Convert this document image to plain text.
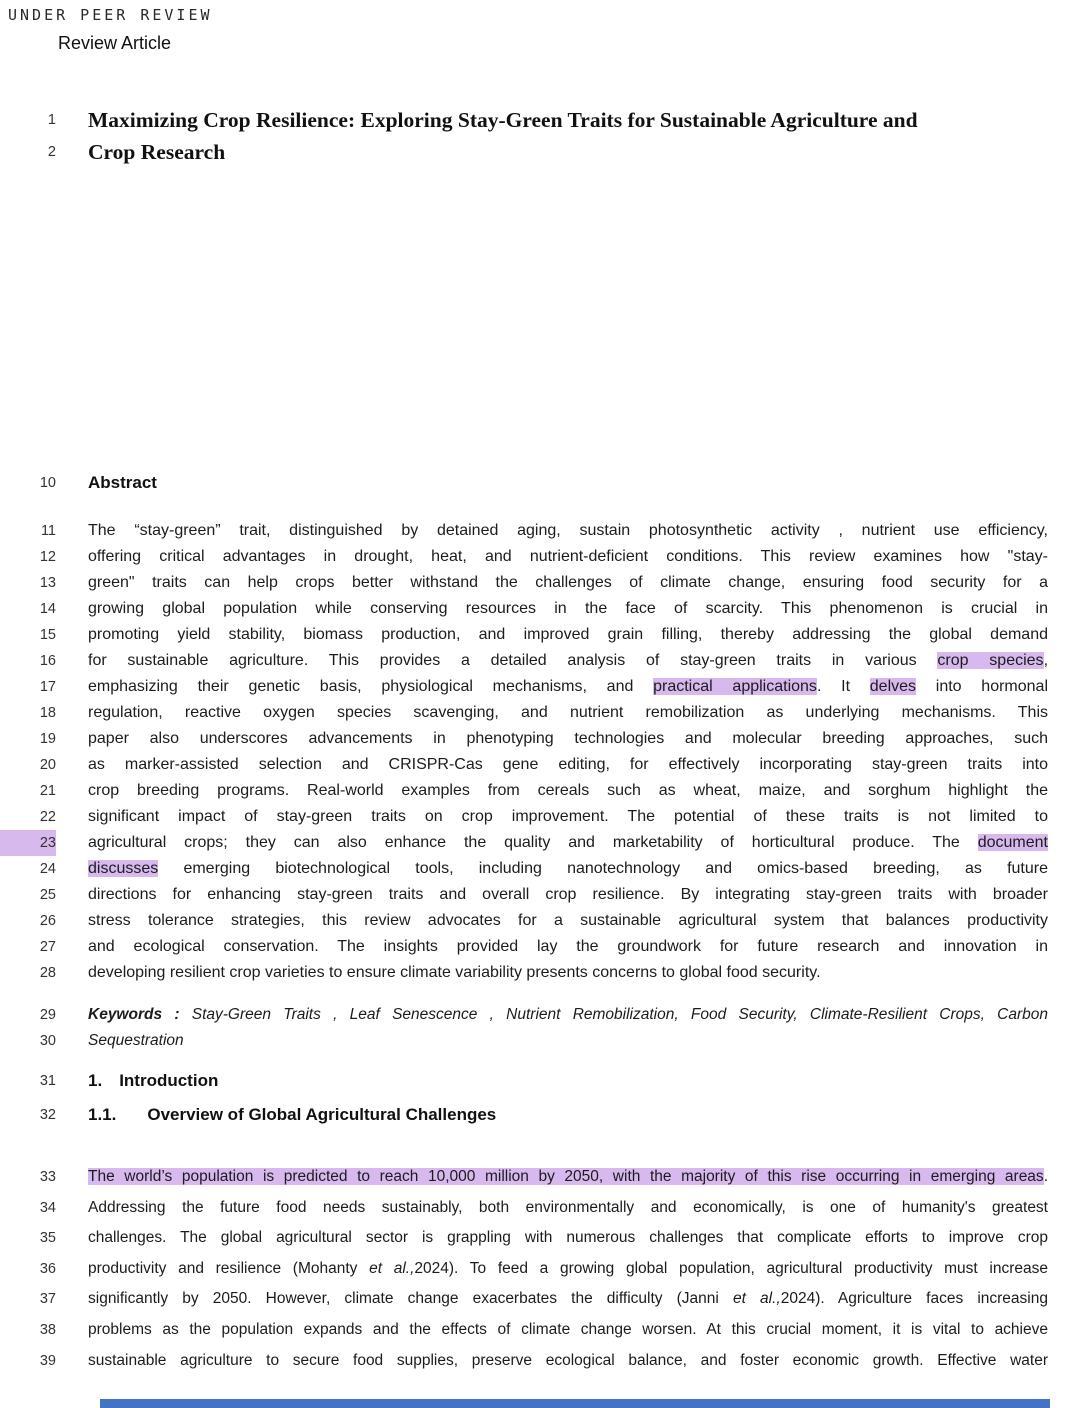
UNDER PEER REVIEW
Review Article
1 Maximizing Crop Resilience: Exploring Stay-Green Traits for Sustainable Agriculture and
2 Crop Research
10 Abstract
11 The “stay-green” trait, distinguished by detained aging, sustain photosynthetic activity , nutrient use efficiency,
12 offering critical advantages in drought, heat, and nutrient-deficient conditions. This review examines how "stay-
13 green" traits can help crops better withstand the challenges of climate change, ensuring food security for a
14 growing global population while conserving resources in the face of scarcity. This phenomenon is crucial in
15 promoting yield stability, biomass production, and improved grain filling, thereby addressing the global demand
16 for sustainable agriculture. This provides a detailed analysis of stay-green traits in various crop species,
17 emphasizing their genetic basis, physiological mechanisms, and practical applications. It delves into hormonal
18 regulation, reactive oxygen species scavenging, and nutrient remobilization as underlying mechanisms. This
19 paper also underscores advancements in phenotyping technologies and molecular breeding approaches, such
20 as marker-assisted selection and CRISPR-Cas gene editing, for effectively incorporating stay-green traits into
21 crop breeding programs. Real-world examples from cereals such as wheat, maize, and sorghum highlight the
22 significant impact of stay-green traits on crop improvement. The potential of these traits is not limited to
23 agricultural crops; they can also enhance the quality and marketability of horticultural produce. The document
24 discusses emerging biotechnological tools, including nanotechnology and omics-based breeding, as future
25 directions for enhancing stay-green traits and overall crop resilience. By integrating stay-green traits with broader
26 stress tolerance strategies, this review advocates for a sustainable agricultural system that balances productivity
27 and ecological conservation. The insights provided lay the groundwork for future research and innovation in
28 developing resilient crop varieties to ensure climate variability presents concerns to global food security.
29 Keywords : Stay-Green Traits , Leaf Senescence , Nutrient Remobilization, Food Security, Climate-Resilient Crops, Carbon
30 Sequestration
31 1. Introduction
32 1.1. Overview of Global Agricultural Challenges
33 The world’s population is predicted to reach 10,000 million by 2050, with the majority of this rise occurring in emerging areas.
34 Addressing the future food needs sustainably, both environmentally and economically, is one of humanity's greatest
35 challenges. The global agricultural sector is grappling with numerous challenges that complicate efforts to improve crop
36 productivity and resilience (Mohanty et al.,2024). To feed a growing global population, agricultural productivity must increase
37 significantly by 2050. However, climate change exacerbates the difficulty (Janni et al.,2024). Agriculture faces increasing
38 problems as the population expands and the effects of climate change worsen. At this crucial moment, it is vital to achieve
39 sustainable agriculture to secure food supplies, preserve ecological balance, and foster economic growth. Effective water
